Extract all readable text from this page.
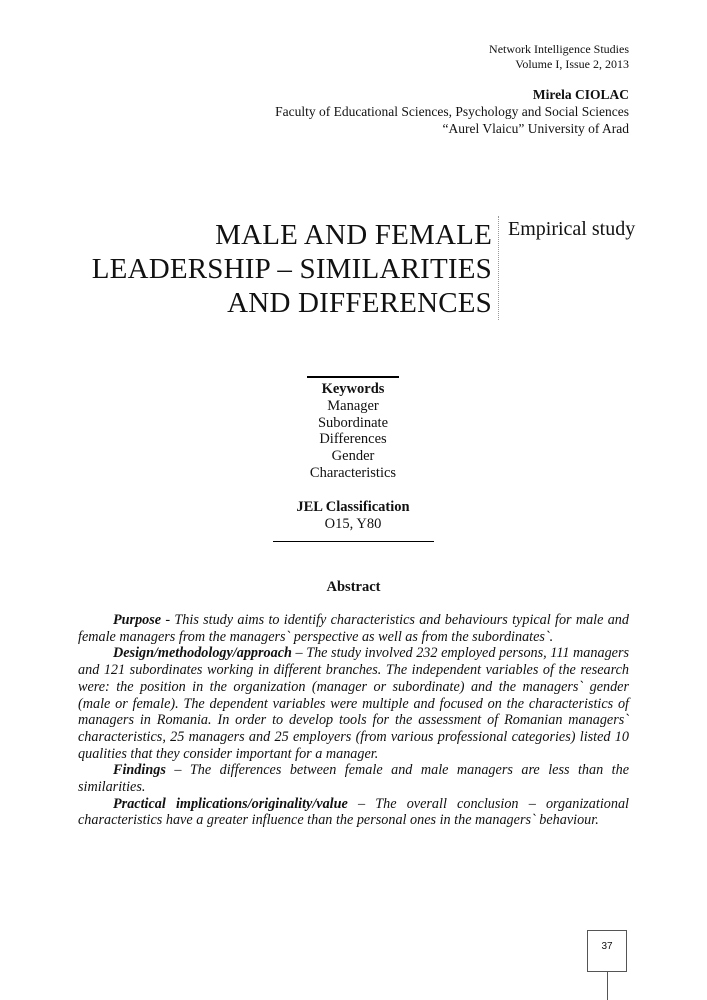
Network Intelligence Studies
Volume I, Issue 2, 2013
Mirela CIOLAC
Faculty of Educational Sciences, Psychology and Social Sciences
“Aurel Vlaicu” University of Arad
MALE AND FEMALE
LEADERSHIP – SIMILARITIES
AND DIFFERENCES
Empirical study
Keywords
Manager
Subordinate
Differences
Gender
Characteristics
JEL Classification
O15, Y80
Abstract

Purpose - This study aims to identify characteristics and behaviours typical for male and female managers from the managers` perspective as well as from the subordinates`.

Design/methodology/approach – The study involved 232 employed persons, 111 managers and 121 subordinates working in different branches. The independent variables of the research were: the position in the organization (manager or subordinate) and the managers` gender (male or female). The dependent variables were multiple and focused on the characteristics of managers in Romania. In order to develop tools for the assessment of Romanian managers` characteristics, 25 managers and 25 employers (from various professional categories) listed 10 qualities that they consider important for a manager.

Findings – The differences between female and male managers are less than the similarities.

Practical implications/originality/value – The overall conclusion – organizational characteristics have a greater influence than the personal ones in the managers` behaviour.

37
